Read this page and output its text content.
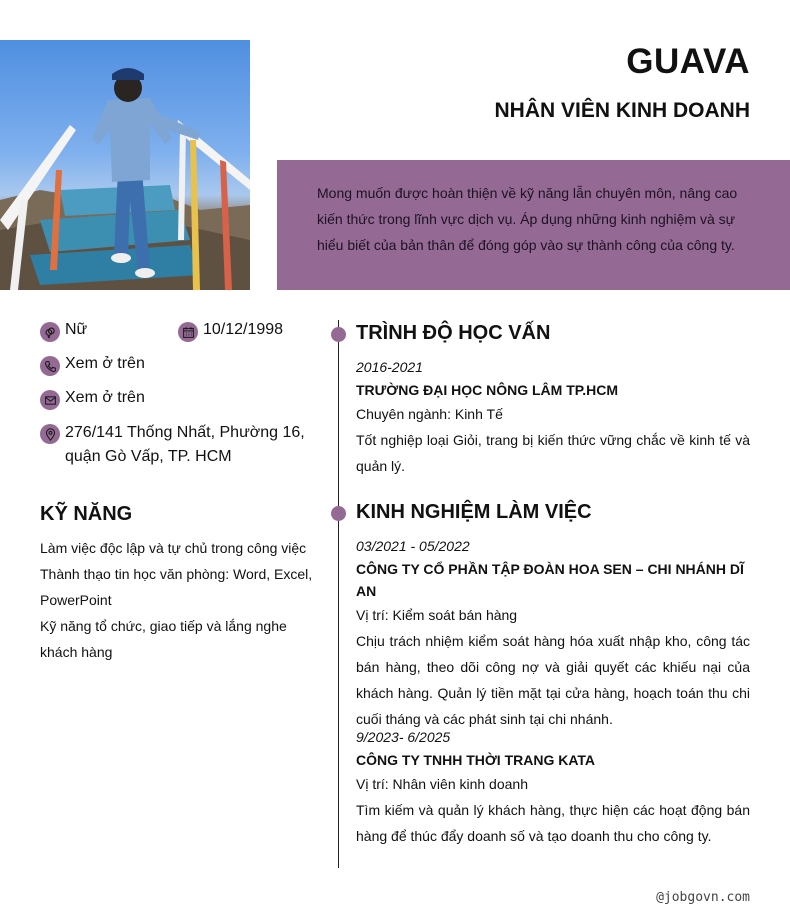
GUAVA
NHÂN VIÊN KINH DOANH

Mong muốn được hoàn thiện về kỹ năng lẫn chuyên môn, nâng cao kiến thức trong lĩnh vực dịch vụ. Áp dụng những kinh nghiệm và sự hiểu biết của bản thân để đóng góp vào sự thành công của công ty.

Nữ	10/12/1998
Xem ở trên
Xem ở trên
276/141 Thống Nhất, Phường 16, quận Gò Vấp, TP. HCM
KỸ NĂNG
Làm việc độc lập và tự chủ trong công việc
Thành thạo tin học văn phòng: Word, Excel, PowerPoint
Kỹ năng tổ chức, giao tiếp và lắng nghe khách hàng
TRÌNH ĐỘ HỌC VẤN
2016-2021
TRƯỜNG ĐẠI HỌC NÔNG LÂM TP.HCM
Chuyên ngành: Kinh Tế
Tốt nghiệp loại Giỏi, trang bị kiến thức vững chắc về kinh tế và quản lý.
KINH NGHIỆM LÀM VIỆC
03/2021 - 05/2022
CÔNG TY CỔ PHẦN TẬP ĐOÀN HOA SEN – CHI NHÁNH DĨ AN
Vị trí: Kiểm soát bán hàng
Chịu trách nhiệm kiểm soát hàng hóa xuất nhập kho, công tác bán hàng, theo dõi công nợ và giải quyết các khiếu nại của khách hàng. Quản lý tiền mặt tại cửa hàng, hoạch toán thu chi cuối tháng và các phát sinh tại chi nhánh.
9/2023- 6/2025
CÔNG TY TNHH THỜI TRANG KATA
Vị trí: Nhân viên kinh doanh
Tìm kiếm và quản lý khách hàng, thực hiện các hoạt động bán hàng để thúc đẩy doanh số và tạo doanh thu cho công ty.
@jobgovn.com
